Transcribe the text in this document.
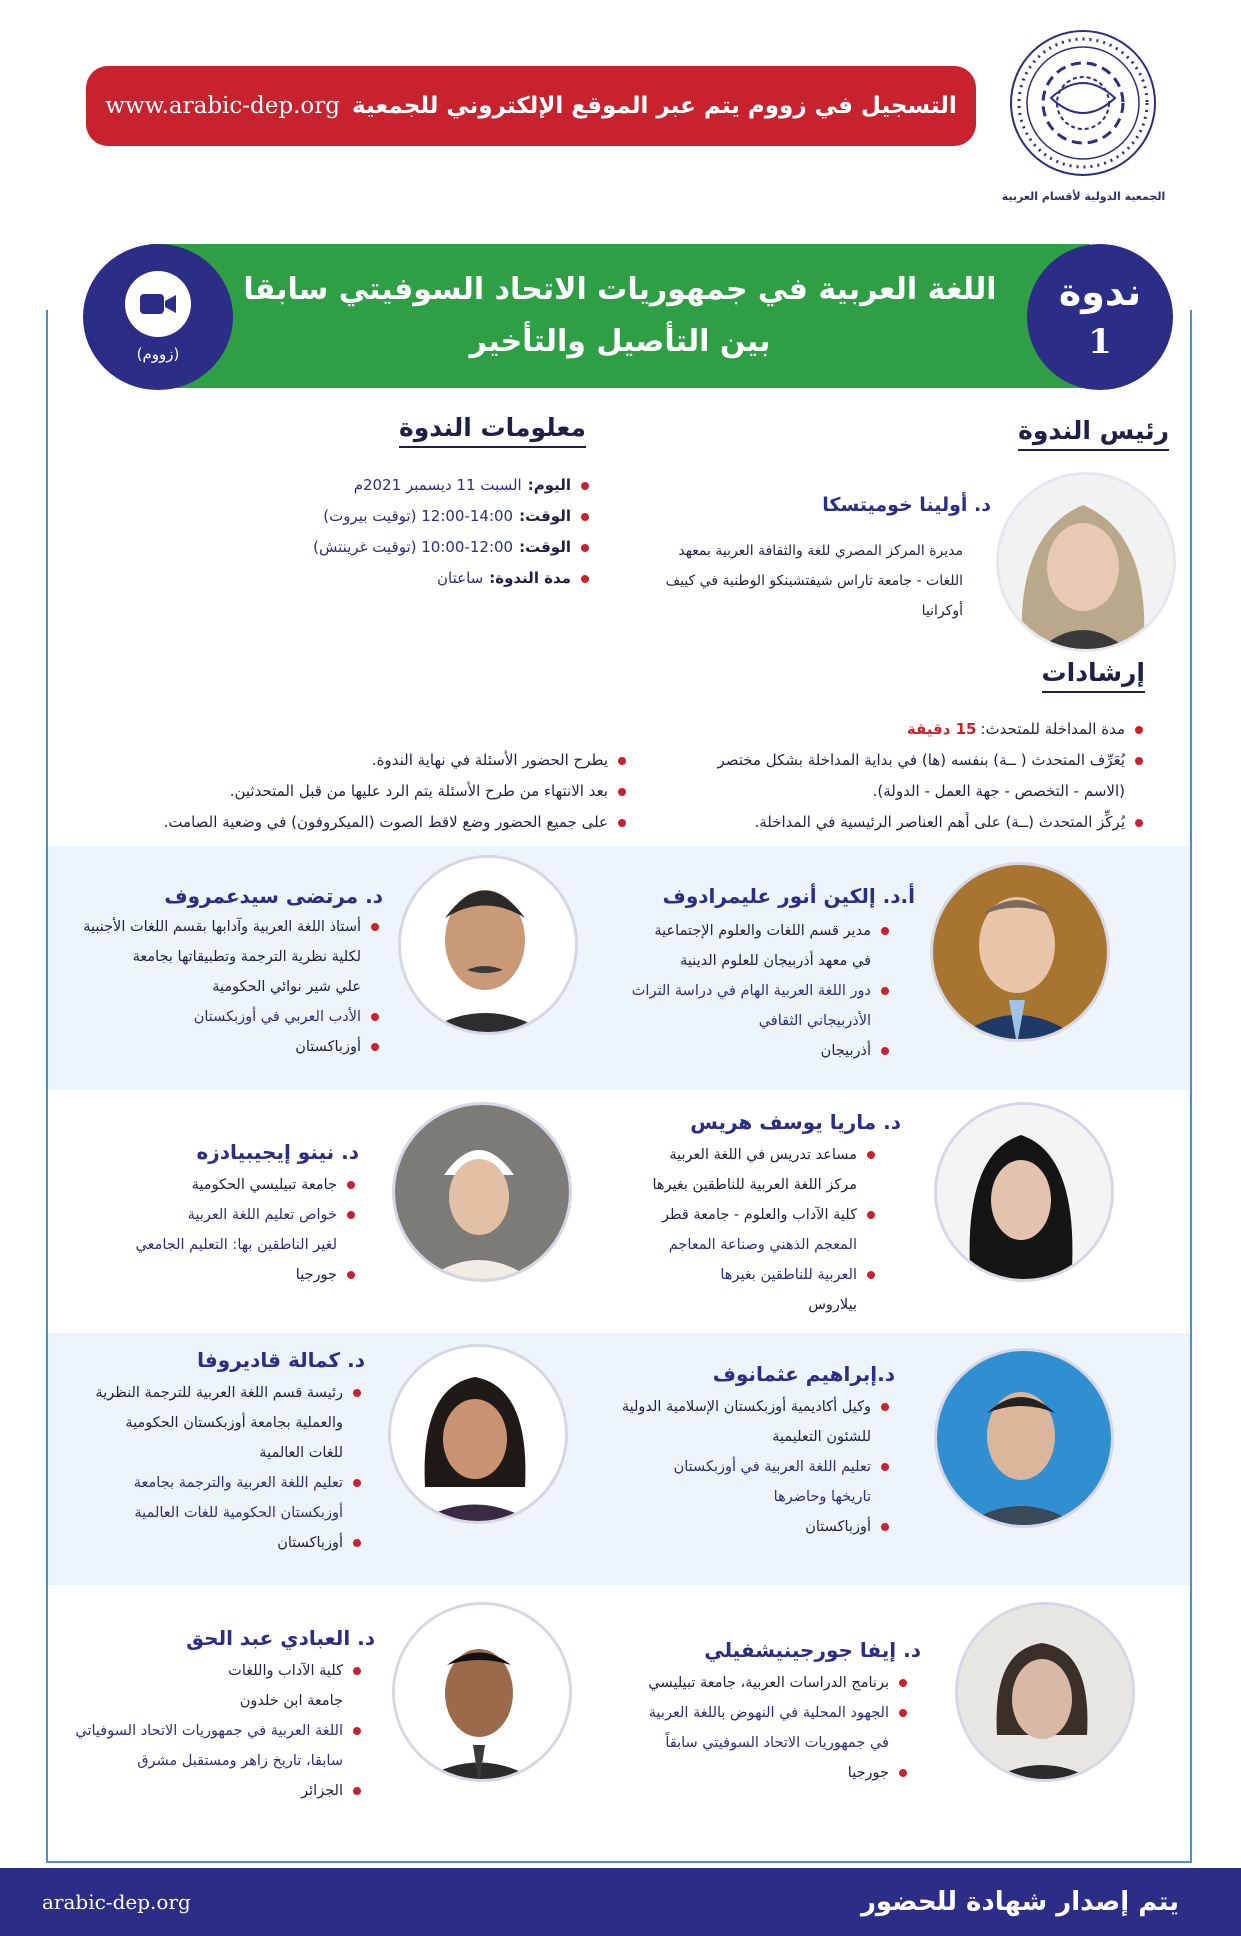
الجمعية الدولية لأقسام العربية
التسجيل في زووم يتم عبر الموقع الإلكتروني للجمعية
www.arabic-dep.org
اللغة العربية في جمهوريات الاتحاد السوفيتي سابقا
بين التأصيل والتأخير
(زووم)
ندوة
1
رئيس الندوة
د. أولينا خوميتسكا
مديرة المركز المصري للغة والثقافة العربية بمعهد
اللغات - جامعة تاراس شيفتشينكو الوطنية في كييف
أوكرانيا
معلومات الندوة
اليوم:
السبت 11 ديسمبر 2021م
الوقت:
12:00-14:00 (توقيت بيروت)
الوقت:
10:00-12:00 (توقيت غرينتش)
مدة الندوة:
ساعتان
إرشادات
مدة المداخلة للمتحدث:
15 دقيقة
يُعَرِّف المتحدث ( ــة) بنفسه (ها) في بداية المداخلة بشكل مختصر
(الاسم - التخصص - جهة العمل - الدولة).
يُركِّز المتحدث (ــة) على أهم العناصر الرئيسية في المداخلة.
يطرح الحضور الأسئلة في نهاية الندوة.
بعد الانتهاء من طرح الأسئلة يتم الرد عليها من قبل المتحدثين.
على جميع الحضور وضع لاقط الصوت (الميكروفون) في وضعية الصامت.
أ.د. إلكين أنور عليمرادوف
مدير قسم اللغات والعلوم الإجتماعية
في معهد أذربيجان للعلوم الدينية
دور اللغة العربية الهام في دراسة التراث
الأذربيجاني الثقافي
أذربيجان
د. مرتضى سيدعمروف
أستاذ اللغة العربية وآدابها بقسم اللغات الأجنبية
لكلية نظرية الترجمة وتطبيقاتها بجامعة
علي شير نوائي الحكومية
الأدب العربي في أوزبكستان
أوزباكستان
د. ماريا يوسف هريس
مساعد تدريس في اللغة العربية
مركز اللغة العربية للناطقين بغيرها
كلية الآداب والعلوم - جامعة قطر
المعجم الذهني وصناعة المعاجم
العربية للناطقين بغيرها
بيلاروس
د. نينو إيجيبيادزه
جامعة تبيليسي الحكومية
خواص تعليم اللغة العربية
لغير الناطقين بها: التعليم الجامعي
جورجيا
د.إبراهيم عثمانوف
وكيل أكاديمية أوزبكستان الإسلامية الدولية
للشئون التعليمية
تعليم اللغة العربية في أوزبكستان
تاريخها وحاضرها
أوزباكستان
د. كمالة قاديروفا
رئيسة قسم اللغة العربية للترجمة النظرية
والعملية بجامعة أوزبكستان الحكومية
للغات العالمية
تعليم اللغة العربية والترجمة بجامعة
أوزبكستان الحكومية للغات العالمية
أوزباكستان
د. إيفا جورجينيشفيلي
برنامج الدراسات العربية، جامعة تبيليسي
الجهود المحلية في النهوض باللغة العربية
في جمهوريات الاتحاد السوفيتي سابقاً
جورجيا
د. العبادي عبد الحق
كلية الآداب واللغات
جامعة ابن خلدون
اللغة العربية في جمهوريات الاتحاد السوفياتي
سابقا، تاريخ زاهر ومستقبل مشرق
الجزائر
يتم إصدار شهادة للحضور
arabic-dep.org
